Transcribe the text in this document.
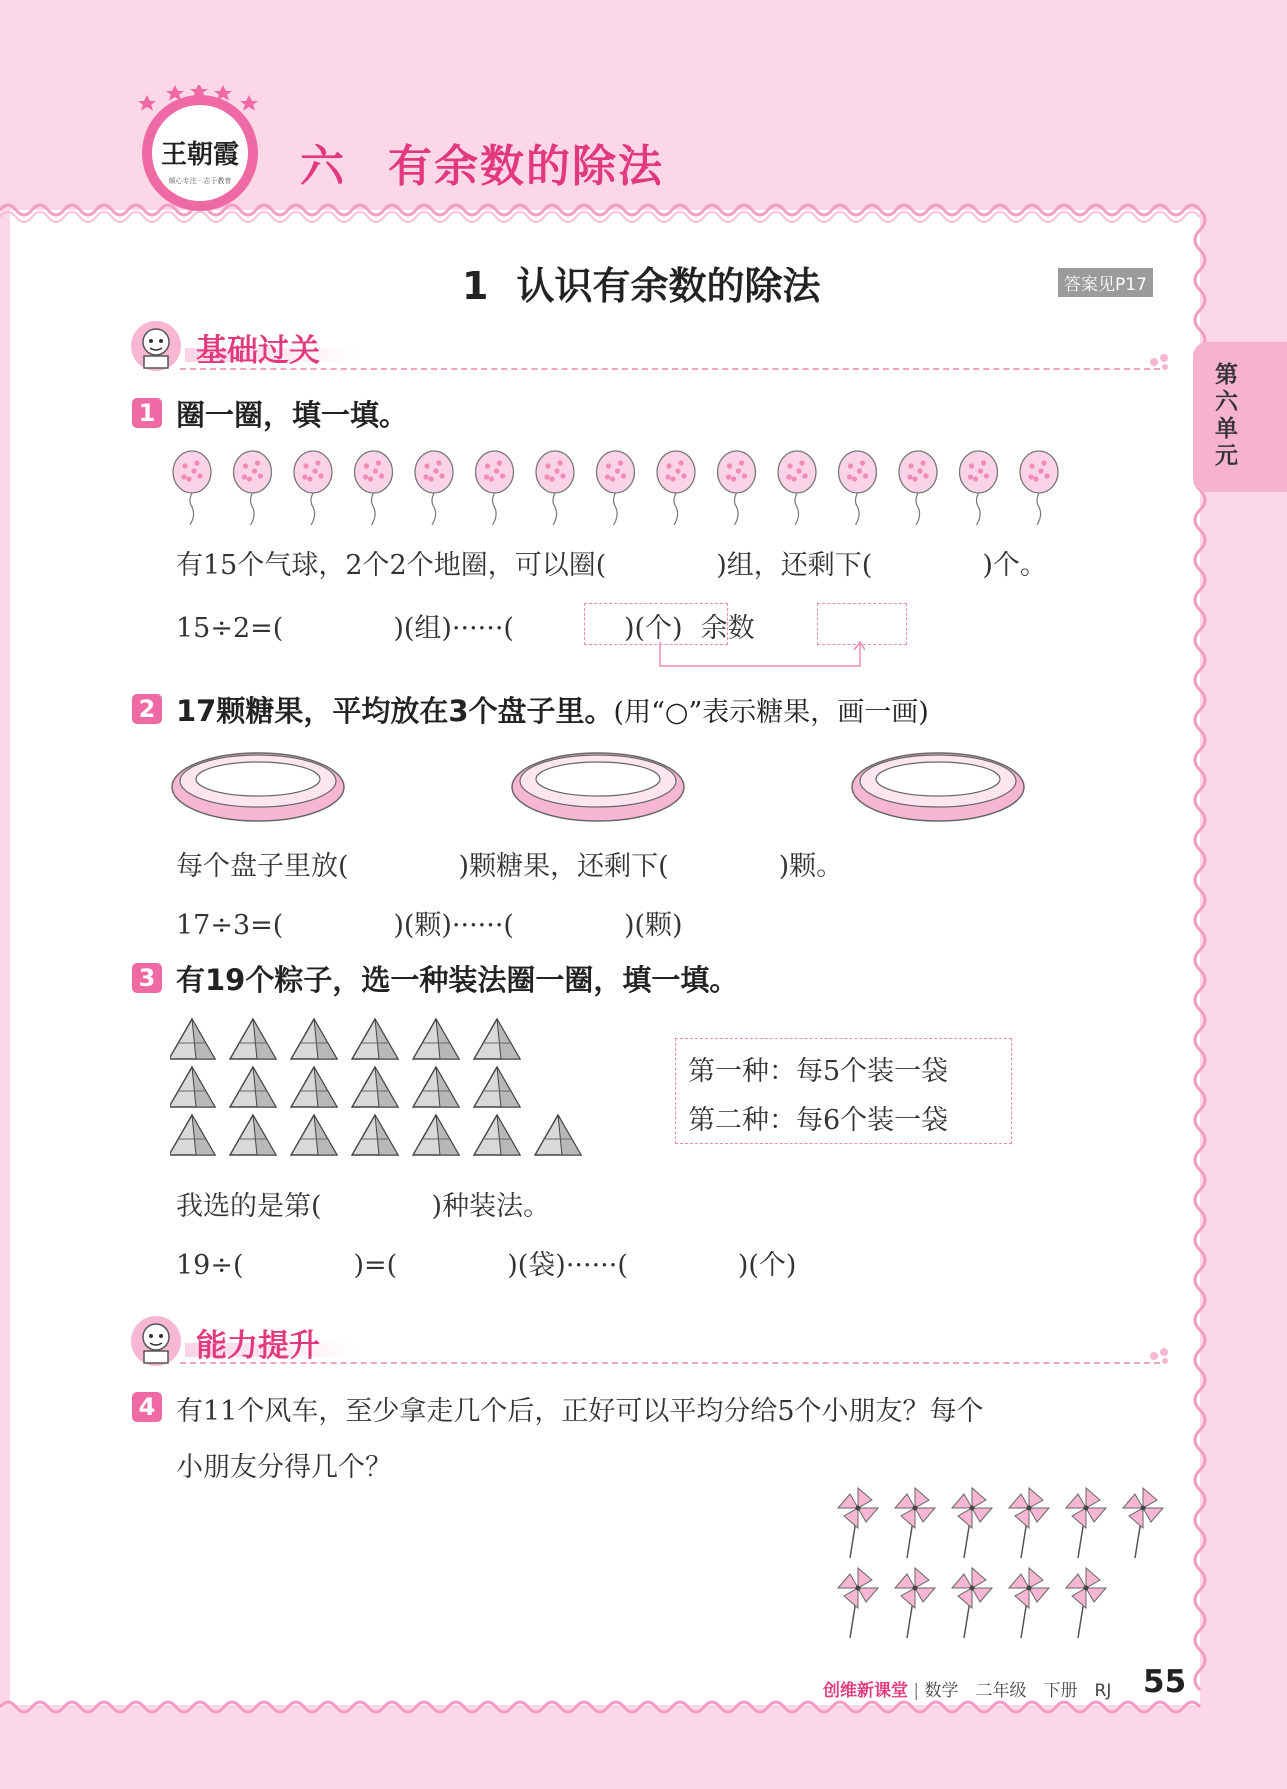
王朝霞
倾心专注 · 志于教育 六 有余数的除法
1 认识有余数的除法	答案见P17
第六单元
基础过关
1 圈一圈，填一填。
有15个气球，2个2个地圈，可以圈(	)组，还剩下(	)个。
15÷2=(	)(组)······(	)(个) 余数
2 17颗糖果，平均放在3个盘子里。(用“○”表示糖果，画一画)
每个盘子里放(	)颗糖果，还剩下(	)颗。
17÷3=(	)(颗)······(	)(颗)
3 有19个粽子，选一种装法圈一圈，填一填。
第一种：每5个装一袋
第二种：每6个装一袋
我选的是第(	)种装法。
19÷(	)=(	)(袋)······(	)(个)
能力提升
4 有11个风车，至少拿走几个后，正好可以平均分给5个小朋友？每个
小朋友分得几个？
创维新课堂 | 数学　 二年级　 下册　 RJ 55
